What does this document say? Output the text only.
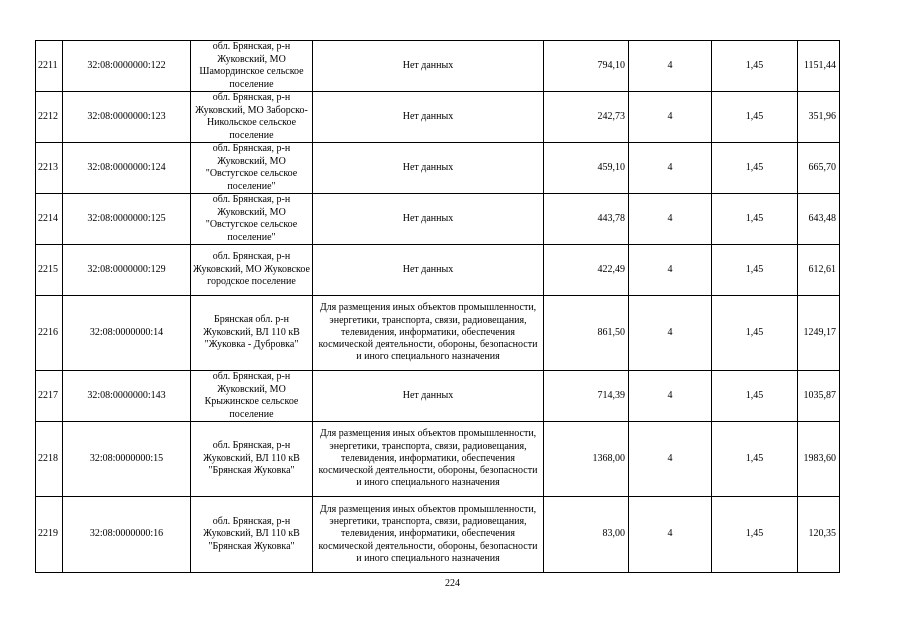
2211	32:08:0000000:122	обл. Брянская, р-н Жуковский, МО Шамординское сельское поселение	Нет данных	794,10	4	1,45	1151,44
2212	32:08:0000000:123	обл. Брянская, р-н Жуковский, МО Заборско-Никольское сельское поселение	Нет данных	242,73	4	1,45	351,96
2213	32:08:0000000:124	обл. Брянская, р-н Жуковский, МО "Овстугское сельское поселение"	Нет данных	459,10	4	1,45	665,70
2214	32:08:0000000:125	обл. Брянская, р-н Жуковский, МО "Овстугское сельское поселение"	Нет данных	443,78	4	1,45	643,48
2215	32:08:0000000:129	обл. Брянская, р-н Жуковский, МО Жуковское городское поселение	Нет данных	422,49	4	1,45	612,61
2216	32:08:0000000:14	Брянская обл. р-н Жуковский, ВЛ 110 кВ "Жуковка - Дубровка"	Для размещения иных объектов промышленности, энергетики, транспорта, связи, радиовещания, телевидения, информатики, обеспечения космической деятельности, обороны, безопасности и иного специального назначения	861,50	4	1,45	1249,17
2217	32:08:0000000:143	обл. Брянская, р-н Жуковский, МО Крыжинское сельское поселение	Нет данных	714,39	4	1,45	1035,87
2218	32:08:0000000:15	обл. Брянская, р-н Жуковский, ВЛ 110 кВ "Брянская Жуковка"	Для размещения иных объектов промышленности, энергетики, транспорта, связи, радиовещания, телевидения, информатики, обеспечения космической деятельности, обороны, безопасности и иного специального назначения	1368,00	4	1,45	1983,60
2219	32:08:0000000:16	обл. Брянская, р-н Жуковский, ВЛ 110 кВ "Брянская Жуковка"	Для размещения иных объектов промышленности, энергетики, транспорта, связи, радиовещания, телевидения, информатики, обеспечения космической деятельности, обороны, безопасности и иного специального назначения	83,00	4	1,45	120,35
224
